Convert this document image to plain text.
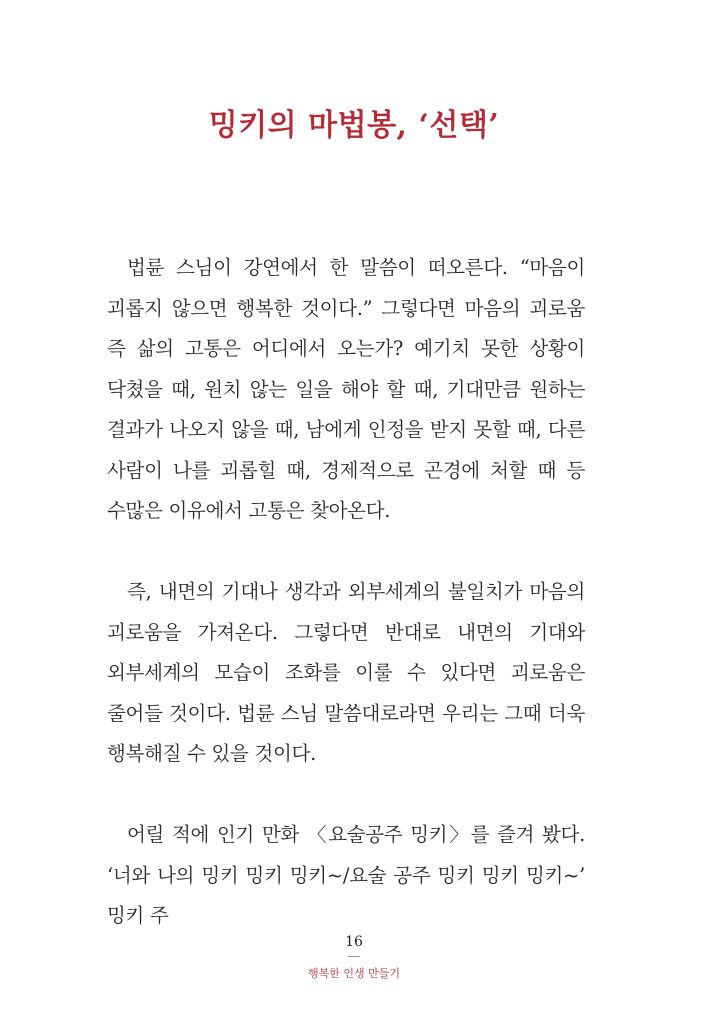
밍키의 마법봉, ‘선택’

법륜 스님이 강연에서 한 말씀이 떠오른다. “마음이 괴롭지 않으면 행복한 것이다.” 그렇다면 마음의 괴로움 즉 삶의 고통은 어디에서 오는가? 예기치 못한 상황이 닥쳤을 때, 원치 않는 일을 해야 할 때, 기대만큼 원하는 결과가 나오지 않을 때, 남에게 인정을 받지 못할 때, 다른 사람이 나를 괴롭힐 때, 경제적으로 곤경에 처할 때 등 수많은 이유에서 고통은 찾아온다.

즉, 내면의 기대나 생각과 외부세계의 불일치가 마음의 괴로움을 가져온다. 그렇다면 반대로 내면의 기대와 외부세계의 모습이 조화를 이룰 수 있다면 괴로움은 줄어들 것이다. 법륜 스님 말씀대로라면 우리는 그때 더욱 행복해질 수 있을 것이다.

어릴 적에 인기 만화 〈요술공주 밍키〉를 즐겨 봤다. ‘너와 나의 밍키 밍키 밍키~/요술 공주 밍키 밍키 밍키~’ 밍키 주

16
행복한 인생 만들기
